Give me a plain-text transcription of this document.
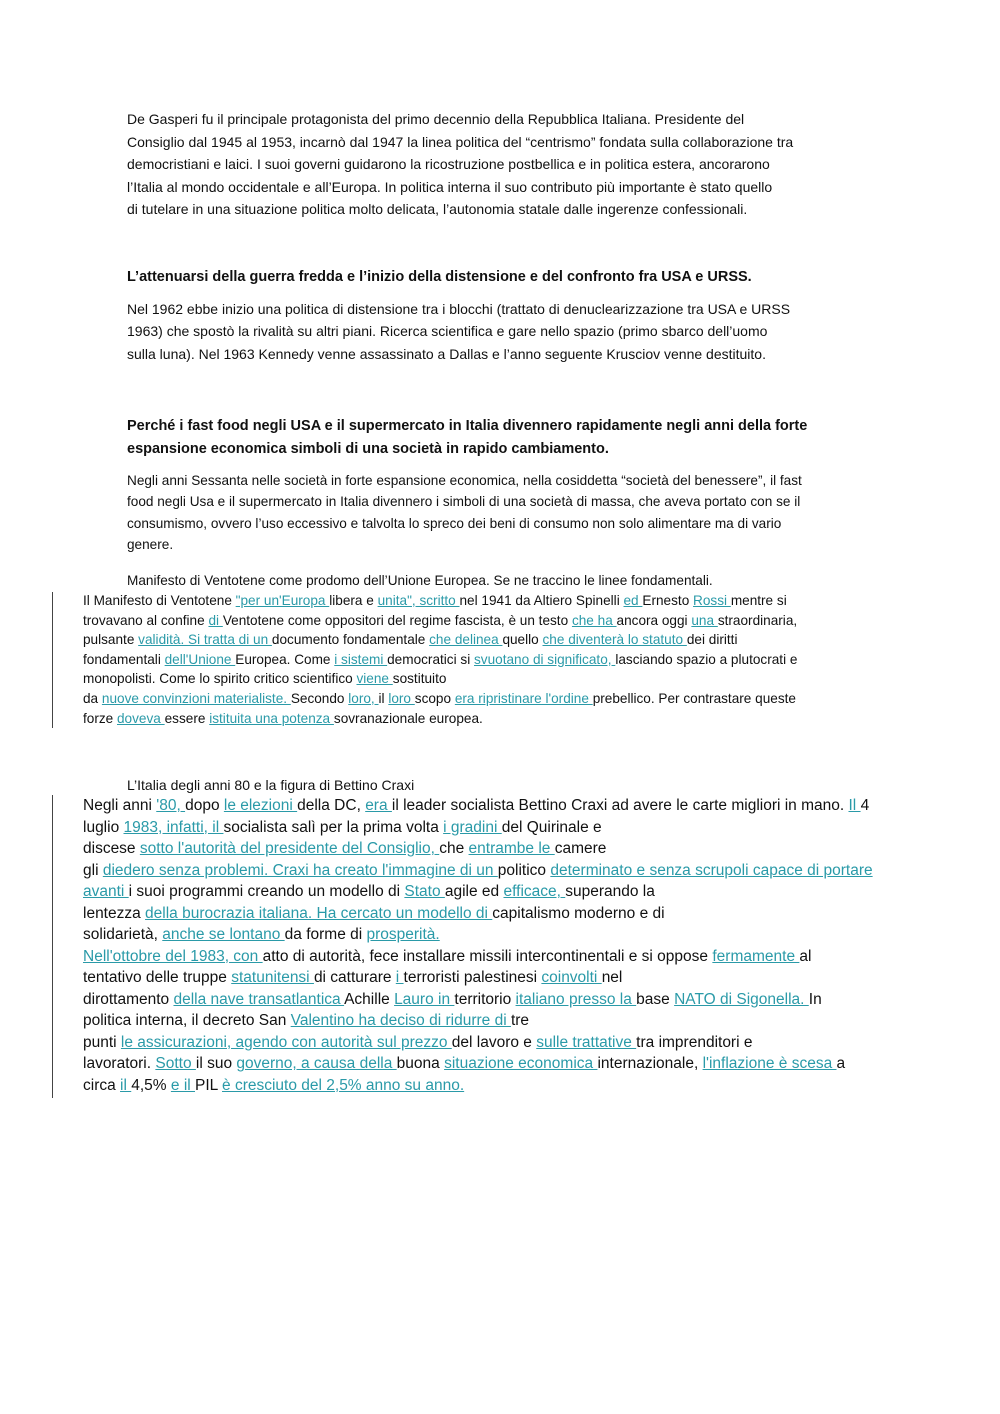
De Gasperi fu il principale protagonista del primo decennio della Repubblica Italiana. Presidente del
Consiglio dal 1945 al 1953, incarnò dal 1947 la linea politica del “centrismo” fondata sulla collaborazione tra
democristiani e laici. I suoi governi guidarono la ricostruzione postbellica e in politica estera, ancorarono
l’Italia al mondo occidentale e all’Europa. In politica interna il suo contributo più importante è stato quello
di tutelare in una situazione politica molto delicata, l’autonomia statale dalle ingerenze confessionali.

L’attenuarsi della guerra fredda e l’inizio della distensione e del confronto fra USA e URSS.

Nel 1962 ebbe inizio una politica di distensione tra i blocchi (trattato di denuclearizzazione tra USA e URSS
1963) che spostò la rivalità su altri piani. Ricerca scientifica e gare nello spazio (primo sbarco dell’uomo
sulla luna). Nel 1963 Kennedy venne assassinato a Dallas e l’anno seguente Krusciov venne destituito.

Perché i fast food negli USA e il supermercato in Italia divennero rapidamente negli anni della forte
espansione economica simboli di una società in rapido cambiamento.

Negli anni Sessanta nelle società in forte espansione economica, nella cosiddetta “società del benessere”, il fast
food negli Usa e il supermercato in Italia divennero i simboli di una società di massa, che aveva portato con se il
consumismo, ovvero l’uso eccessivo e talvolta lo spreco dei beni di consumo non solo alimentare ma di vario
genere.

Manifesto di Ventotene come prodomo dell’Unione Europea. Se ne traccino le linee fondamentali.

Il Manifesto di Ventotene "per un'Europa libera e unita", scritto nel 1941 da Altiero Spinelli ed Ernesto Rossi mentre si
trovavano al confine di Ventotene come oppositori del regime fascista, è un testo che ha ancora oggi una straordinaria,
pulsante validità. Si tratta di un documento fondamentale che delinea quello che diventerà lo statuto dei diritti
fondamentali dell'Unione Europea. Come i sistemi democratici si svuotano di significato, lasciando spazio a plutocrati e
monopolisti. Come lo spirito critico scientifico viene sostituito
da nuove convinzioni materialiste. Secondo loro, il loro scopo era ripristinare l'ordine prebellico. Per contrastare queste
forze doveva essere istituita una potenza sovranazionale europea.

L’Italia degli anni 80 e la figura di Bettino Craxi

Negli anni '80, dopo le elezioni della DC, era il leader socialista Bettino Craxi ad avere le carte migliori in mano. Il 4
luglio 1983, infatti, il socialista salì per la prima volta i gradini del Quirinale e
discese sotto l'autorità del presidente del Consiglio, che entrambe le camere
gli diedero senza problemi. Craxi ha creato l'immagine di un politico determinato e senza scrupoli capace di portare
avanti i suoi programmi creando un modello di Stato agile ed efficace, superando la
lentezza della burocrazia italiana. Ha cercato un modello di capitalismo moderno e di
solidarietà, anche se lontano da forme di prosperità.
Nell'ottobre del 1983, con atto di autorità, fece installare missili intercontinentali e si oppose fermamente al
tentativo delle truppe statunitensi di catturare i terroristi palestinesi coinvolti nel
dirottamento della nave transatlantica Achille Lauro in territorio italiano presso la base NATO di Sigonella. In
politica interna, il decreto San Valentino ha deciso di ridurre di tre
punti le assicurazioni, agendo con autorità sul prezzo del lavoro e sulle trattative tra imprenditori e
lavoratori. Sotto il suo governo, a causa della buona situazione economica internazionale, l'inflazione è scesa a
circa il 4,5% e il PIL è cresciuto del 2,5% anno su anno.
